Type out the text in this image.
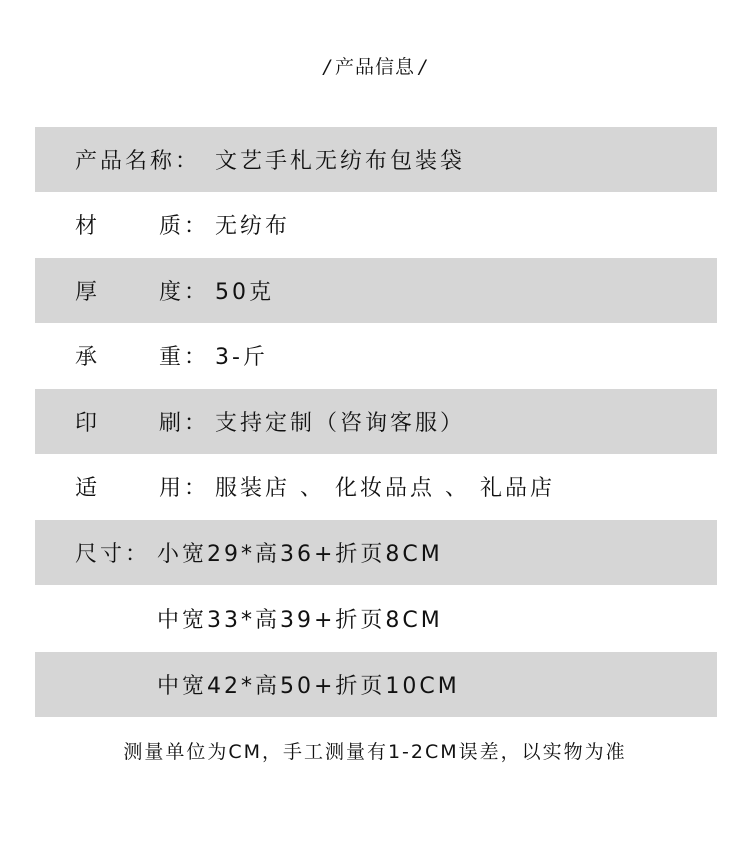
/ 产品信息 /
产品名称： 文艺手札无纺布包装袋
材	质： 无纺布
厚	度： 50克
承	重： 3-斤
印	刷： 支持定制（咨询客服）
适	用： 服装店 、 化妆品点 、 礼品店
尺寸： 小宽29*高36+折页8CM
中宽33*高39+折页8CM
中宽42*高50+折页10CM
测量单位为CM，手工测量有1-2CM误差，以实物为准
